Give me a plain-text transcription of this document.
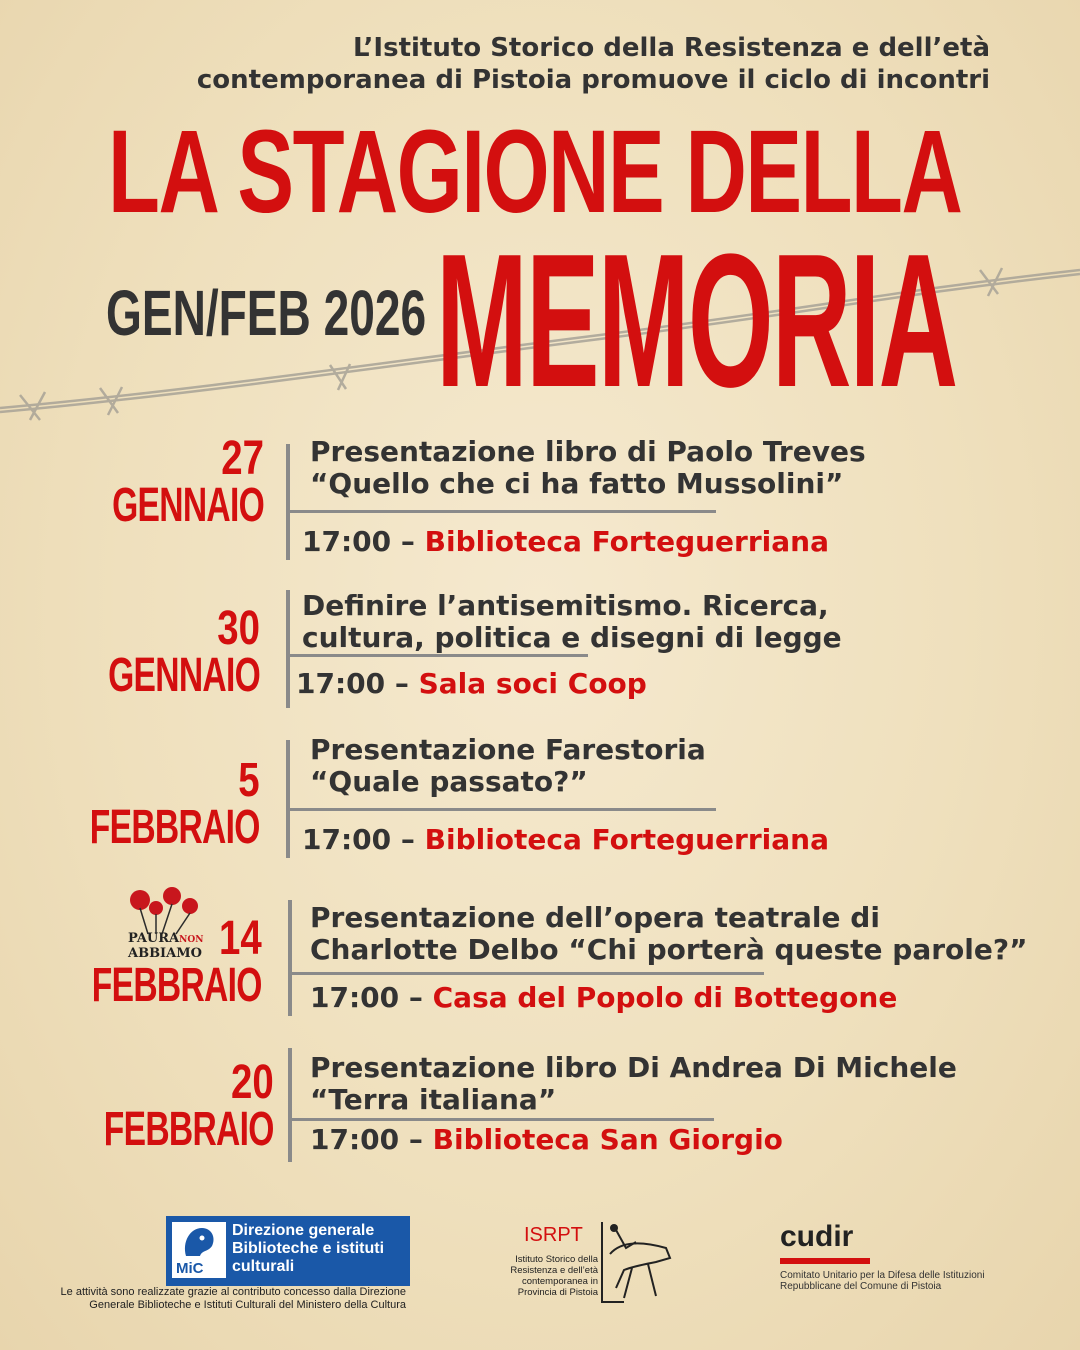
L’Istituto Storico della Resistenza e dell’età
contemporanea di Pistoia promuove il ciclo di incontri
LA STAGIONE DELLA
GEN/FEB 2026 MEMORIA
27
GENNAIO
Presentazione libro di Paolo Treves
“Quello che ci ha fatto Mussolini”
17:00 – Biblioteca Forteguerriana
30
GENNAIO
Definire l’antisemitismo. Ricerca,
cultura, politica e disegni di legge
17:00 – Sala soci Coop
5
FEBBRAIO
Presentazione Farestoria
“Quale passato?”
17:00 – Biblioteca Forteguerriana
14
FEBBRAIO
Presentazione dell’opera teatrale di
Charlotte Delbo “Chi porterà queste parole?”
17:00 – Casa del Popolo di Bottegone
PAURANON
ABBIAMO
20
FEBBRAIO
Presentazione libro Di Andrea Di Michele
“Terra italiana”
17:00 – Biblioteca San Giorgio
MiC
Direzione generale Biblioteche e istituti culturali
Le attività sono realizzate grazie al contributo concesso dalla Direzione Generale Biblioteche e Istituti Culturali del Ministero della Cultura
ISRPT
Istituto Storico della Resistenza e dell’età contemporanea in Provincia di Pistoia
cudir
Comitato Unitario per la Difesa delle Istituzioni Repubblicane del Comune di Pistoia
